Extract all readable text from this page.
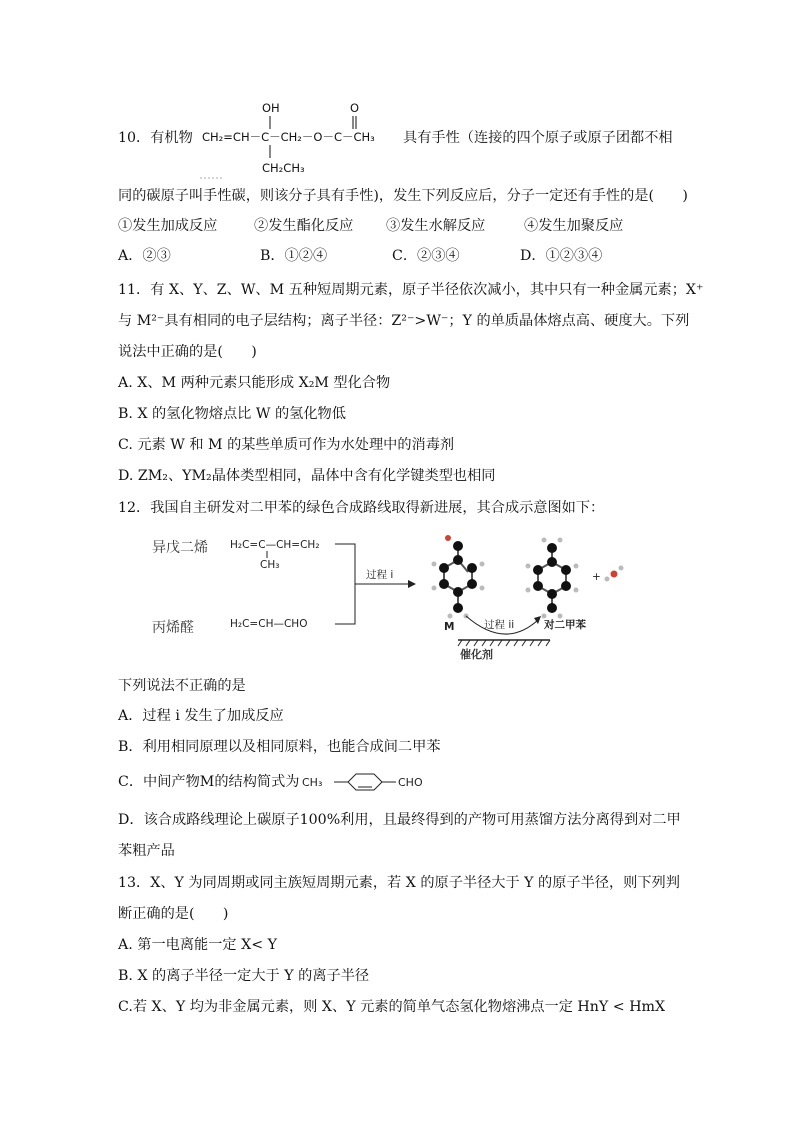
10．有机物
OH	O
CH₂=CH－C－CH₂－O－C－CH₃
CH₂CH₃
具有手性（连接的四个原子或原子团都不相
同的碳原子叫手性碳，则该分子具有手性)，发生下列反应后，分子一定还有手性的是(　　)
①发生加成反应	②发生酯化反应 ③发生水解反应	④发生加聚反应
A．②③	B．①②④	C．②③④	D．①②③④
11．有 X、Y、Z、W、M 五种短周期元素，原子半径依次减小，其中只有一种金属元素；X⁺
与 M²⁻具有相同的电子层结构；离子半径：Z²⁻>W⁻；Y 的单质晶体熔点高、硬度大。下列
说法中正确的是(　　)
A. X、M 两种元素只能形成 X₂M 型化合物
B. X 的氢化物熔点比 W 的氢化物低
C. 元素 W 和 M 的某些单质可作为水处理中的消毒剂
D. ZM₂、YM₂晶体类型相同，晶体中含有化学键类型也相同
12．我国自主研发对二甲苯的绿色合成路线取得新进展，其合成示意图如下：
异戊二烯 H₂C=C—CH=CH₂
CH₃
丙烯醛	H₂C=CH—CHO
过程 i
M	过程 ii	对二甲苯
+
催化剂
下列说法不正确的是
A．过程 i 发生了加成反应
B．利用相同原理以及相同原料，也能合成间二甲苯
C．中间产物M的结构简式为 CH₃	CHO
D．该合成路线理论上碳原子100%利用，且最终得到的产物可用蒸馏方法分离得到对二甲
苯粗产品
13．X、Y 为同周期或同主族短周期元素，若 X 的原子半径大于 Y 的原子半径，则下列判
断正确的是(　　)
A. 第一电离能一定 X< Y
B. X 的离子半径一定大于 Y 的离子半径
C.若 X、Y 均为非金属元素，则 X、Y 元素的简单气态氢化物熔沸点一定 HnY < HmX
